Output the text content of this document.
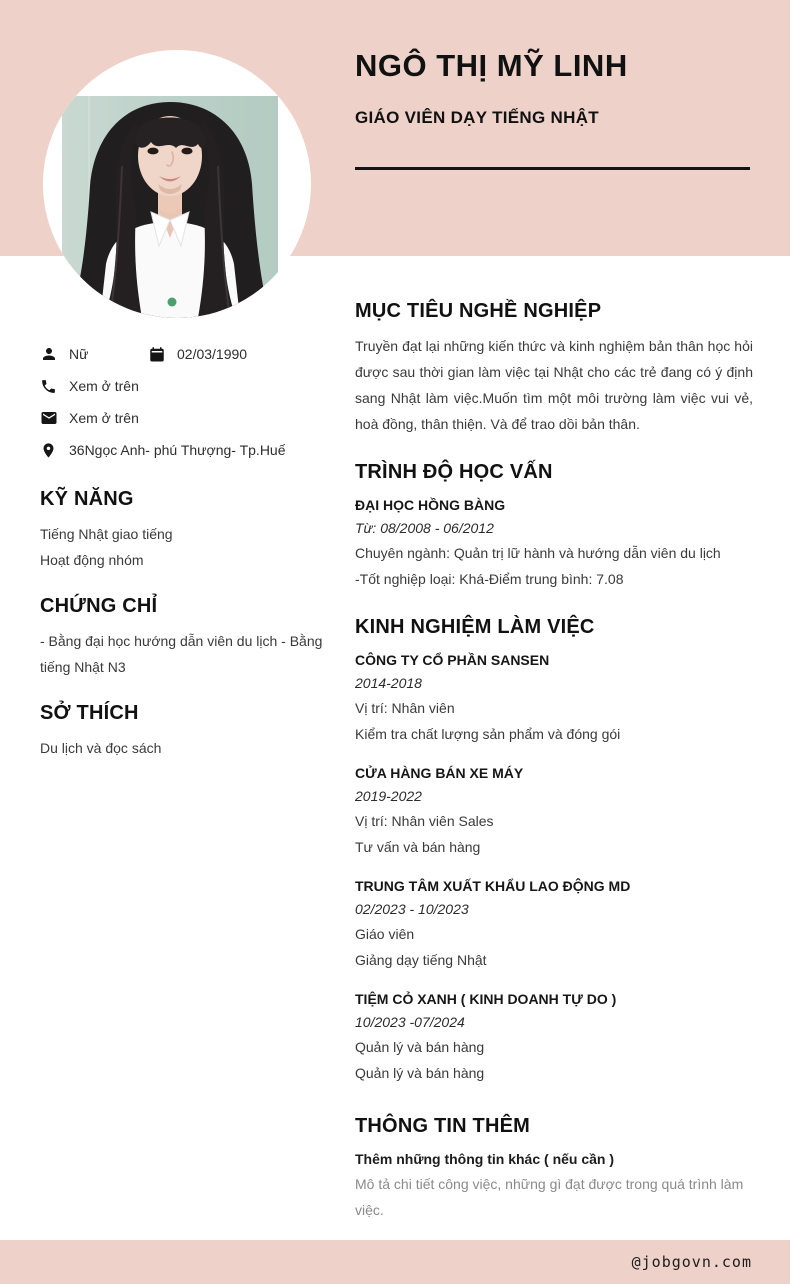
NGÔ THỊ MỸ LINH
GIÁO VIÊN DẠY TIẾNG NHẬT
Nữ	02/03/1990
Xem ở trên
Xem ở trên
36Ngọc Anh- phú Thượng- Tp.Huế
KỸ NĂNG
Tiếng Nhật giao tiếng
Hoạt động nhóm
CHỨNG CHỈ
- Bằng đại học hướng dẫn viên du lịch - Bằng tiếng Nhật N3
SỞ THÍCH
Du lịch và đọc sách
MỤC TIÊU NGHỀ NGHIỆP
Truyền đạt lại những kiến thức và kinh nghiệm bản thân học hỏi được sau thời gian làm việc tại Nhật cho các trẻ đang có ý định sang Nhật làm việc.Muốn tìm một môi trường làm việc vui vẻ, hoà đồng, thân thiện. Và để trao dồi bản thân.
TRÌNH ĐỘ HỌC VẤN
ĐẠI HỌC HỒNG BÀNG
Từ: 08/2008 - 06/2012
Chuyên ngành: Quản trị lữ hành và hướng dẫn viên du lịch
-Tốt nghiệp loại: Khá-Điểm trung bình: 7.08
KINH NGHIỆM LÀM VIỆC
CÔNG TY CỔ PHẦN SANSEN
2014-2018
Vị trí: Nhân viên
Kiểm tra chất lượng sản phẩm và đóng gói
CỬA HÀNG BÁN XE MÁY
2019-2022
Vị trí: Nhân viên Sales
Tư vấn và bán hàng
TRUNG TÂM XUẤT KHẨU LAO ĐỘNG MD
02/2023 - 10/2023
Giáo viên
Giảng dạy tiếng Nhật
TIỆM CỎ XANH ( KINH DOANH TỰ DO )
10/2023 -07/2024
Quản lý và bán hàng
Quản lý và bán hàng
THÔNG TIN THÊM
Thêm những thông tin khác ( nếu cần )
Mô tả chi tiết công việc, những gì đạt được trong quá trình làm việc.
@jobgovn.com
